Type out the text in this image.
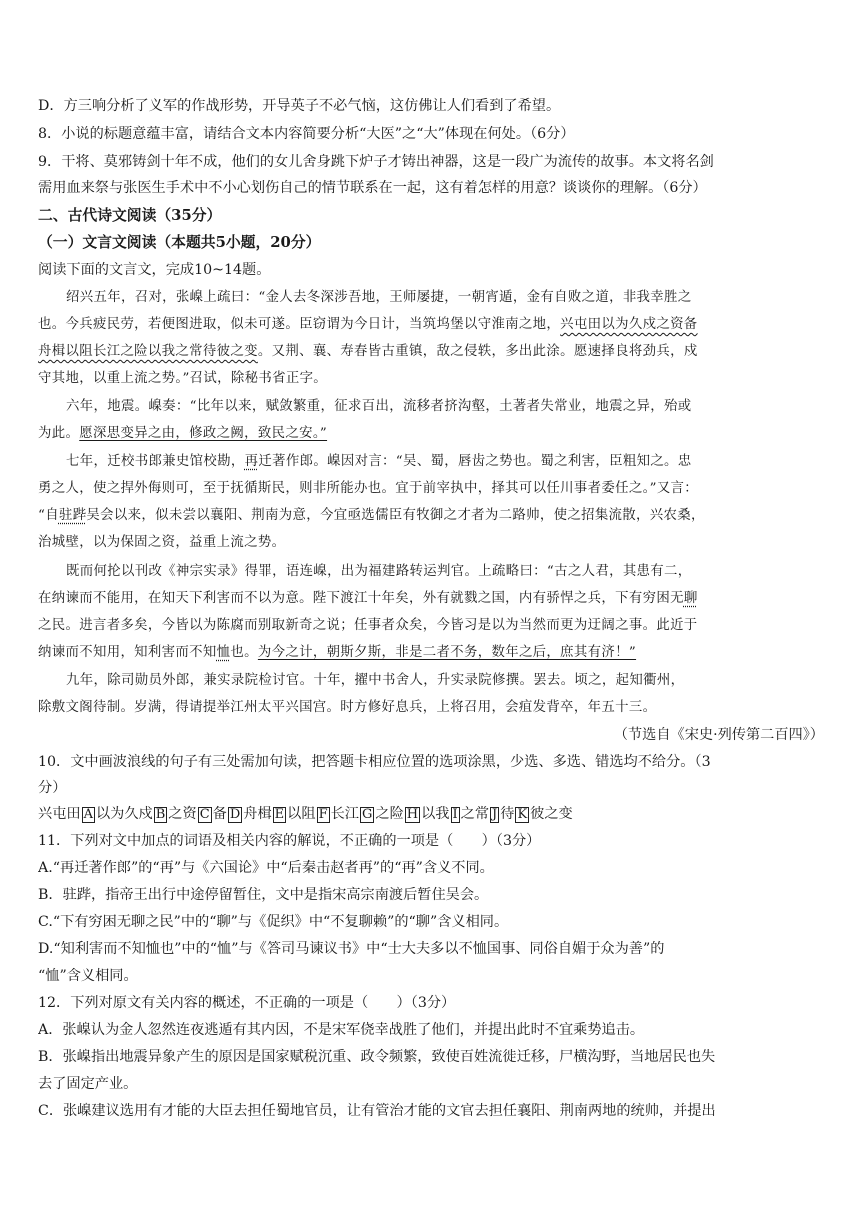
D．方三响分析了义军的作战形势，开导英子不必气恼，这仿佛让人们看到了希望。

8．小说的标题意蕴丰富，请结合文本内容简要分析“大医”之“大”体现在何处。（6分）

9．干将、莫邪铸剑十年不成，他们的女儿舍身跳下炉子才铸出神器，这是一段广为流传的故事。本文将名剑

需用血来祭与张医生手术中不小心划伤自己的情节联系在一起，这有着怎样的用意？谈谈你的理解。（6分）

二、古代诗文阅读（35分）

（一）文言文阅读（本题共5小题，20分）

阅读下面的文言文，完成10~14题。

绍兴五年，召对，张嵲上疏曰：“金人去冬深涉吾地，王师屡捷，一朝宵遁，金有自败之道，非我幸胜之

也。今兵疲民劳，若便图进取，似未可遂。臣窃谓为今日计，当筑坞堡以守淮南之地，兴屯田以为久戍之资备

舟楫以阻长江之险以我之常待彼之变。又荆、襄、寿春皆古重镇，敌之侵轶，多出此涂。愿速择良将劲兵，戍

守其地，以重上流之势。”召试，除秘书省正字。

六年，地震。嵲奏：“比年以来，赋敛繁重，征求百出，流移者挤沟壑，土著者失常业，地震之异，殆或

为此。愿深思变异之由，修政之阙，致民之安。”

七年，迁校书郎兼史馆校勘，再迁著作郎。嵲因对言：“吴、蜀，唇齿之势也。蜀之利害，臣粗知之。忠

勇之人，使之捍外侮则可，至于抚循斯民，则非所能办也。宜于前宰执中，择其可以任川事者委任之。”又言：

“自驻跸吴会以来，似未尝以襄阳、荆南为意，今宜亟选儒臣有牧御之才者为二路帅，使之招集流散，兴农桑，

治城壁，以为保固之资，益重上流之势。

既而何抡以刊改《神宗实录》得罪，语连嵲，出为福建路转运判官。上疏略曰：“古之人君，其患有二，

在纳谏而不能用，在知天下利害而不以为意。陛下渡江十年矣，外有就戮之国，内有骄悍之兵，下有穷困无聊

之民。进言者多矣，今皆以为陈腐而别取新奇之说；任事者众矣，今皆习是以为当然而更为迂阔之事。此近于

纳谏而不知用，知利害而不知恤也。为今之计，朝斯夕斯，非是二者不务，数年之后，庶其有济！”

九年，除司勋员外郎，兼实录院检讨官。十年，擢中书舍人，升实录院修撰。罢去。顷之，起知衢州，

除敷文阁待制。岁满，得请提举江州太平兴国宫。时方修好息兵，上将召用，会疽发背卒，年五十三。

（节选自《宋史·列传第二百四》）

10．文中画波浪线的句子有三处需加句读，把答题卡相应位置的选项涂黑，少选、多选、错选均不给分。（3

分）

兴屯田 A 以为久戍 B 之资 C 备 D 舟楫 E 以阻 F 长江 G 之险 H 以我 I 之常 J 待 K 彼之变

11．下列对文中加点的词语及相关内容的解说，不正确的一项是（　　）（3分）

A.“再迁著作郎”的“再”与《六国论》中“后秦击赵者再”的“再”含义不同。

B．驻跸，指帝王出行中途停留暂住，文中是指宋高宗南渡后暂住吴会。

C.“下有穷困无聊之民”中的“聊”与《促织》中“不复聊赖”的“聊”含义相同。

D.“知利害而不知恤也”中的“恤”与《答司马谏议书》中“士大夫多以不恤国事、同俗自媚于众为善”的

“恤”含义相同。

12．下列对原文有关内容的概述，不正确的一项是（　　）（3分）

A．张嵲认为金人忽然连夜逃遁有其内因，不是宋军侥幸战胜了他们，并提出此时不宜乘势追击。

B．张嵲指出地震异象产生的原因是国家赋税沉重、政令频繁，致使百姓流徙迁移，尸横沟野，当地居民也失

去了固定产业。

C．张嵲建议选用有才能的大臣去担任蜀地官员，让有管治才能的文官去担任襄阳、荆南两地的统帅，并提出
